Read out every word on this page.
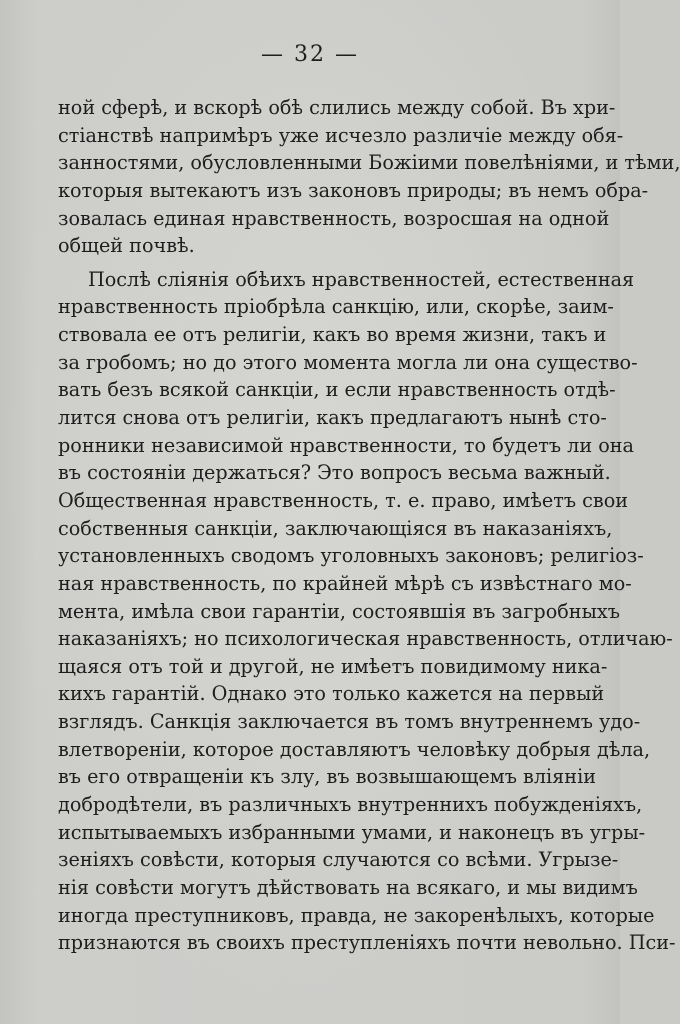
— 32 —
ной сферѣ, и вскорѣ обѣ слились между собой. Въ хри-
стіанствѣ напримѣръ уже исчезло различіе между обя-
занностями, обусловленными Божіими повелѣніями, и тѣми,
которыя вытекаютъ изъ законовъ природы; въ немъ обра-
зовалась единая нравственность, возросшая на одной
общей почвѣ.
Послѣ сліянія обѣихъ нравственностей, естественная
нравственность пріобрѣла санкцію, или, скорѣе, заим-
ствовала ее отъ религіи, какъ во время жизни, такъ и
за гробомъ; но до этого момента могла ли она существо-
вать безъ всякой санкціи, и если нравственность отдѣ-
лится снова отъ религіи, какъ предлагаютъ нынѣ сто-
ронники независимой нравственности, то будетъ ли она
въ состояніи держаться? Это вопросъ весьма важный.
Общественная нравственность, т. е. право, имѣетъ свои
собственныя санкціи, заключающіяся въ наказаніяхъ,
установленныхъ сводомъ уголовныхъ законовъ; религіоз-
ная нравственность, по крайней мѣрѣ съ извѣстнаго мо-
мента, имѣла свои гарантіи, состоявшія въ загробныхъ
наказаніяхъ; но психологическая нравственность, отличаю-
щаяся отъ той и другой, не имѣетъ повидимому ника-
кихъ гарантій. Однако это только кажется на первый
взглядъ. Санкція заключается въ томъ внутреннемъ удо-
влетвореніи, которое доставляютъ человѣку добрыя дѣла,
въ его отвращеніи къ злу, въ возвышающемъ вліяніи
добродѣтели, въ различныхъ внутреннихъ побужденіяхъ,
испытываемыхъ избранными умами, и наконецъ въ угры-
зеніяхъ совѣсти, которыя случаются со всѣми. Угрызе-
нія совѣсти могутъ дѣйствовать на всякаго, и мы видимъ
иногда преступниковъ, правда, не закоренѣлыхъ, которые
признаются въ своихъ преступленіяхъ почти невольно. Пси-
